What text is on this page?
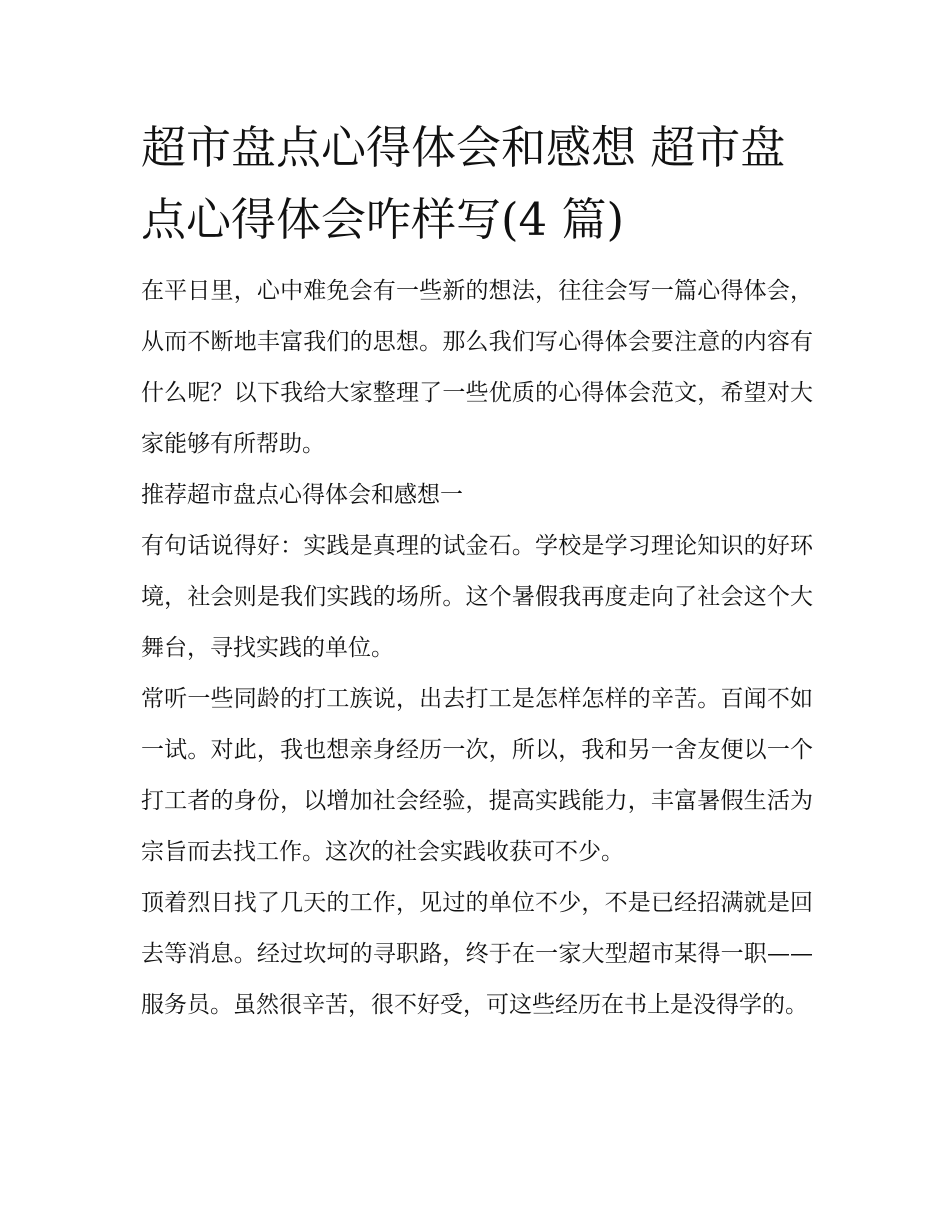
超市盘点心得体会和感想 超市盘点心得体会咋样写(4 篇)

在平日里，心中难免会有一些新的想法，往往会写一篇心得体会，从而不断地丰富我们的思想。那么我们写心得体会要注意的内容有什么呢？以下我给大家整理了一些优质的心得体会范文，希望对大家能够有所帮助。

推荐超市盘点心得体会和感想一

有句话说得好：实践是真理的试金石。学校是学习理论知识的好环境，社会则是我们实践的场所。这个暑假我再度走向了社会这个大舞台，寻找实践的单位。

常听一些同龄的打工族说，出去打工是怎样怎样的辛苦。百闻不如一试。对此，我也想亲身经历一次，所以，我和另一舍友便以一个打工者的身份，以增加社会经验，提高实践能力，丰富暑假生活为宗旨而去找工作。这次的社会实践收获可不少。

顶着烈日找了几天的工作，见过的单位不少，不是已经招满就是回去等消息。经过坎坷的寻职路，终于在一家大型超市某得一职——服务员。虽然很辛苦，很不好受，可这些经历在书上是没得学的。
